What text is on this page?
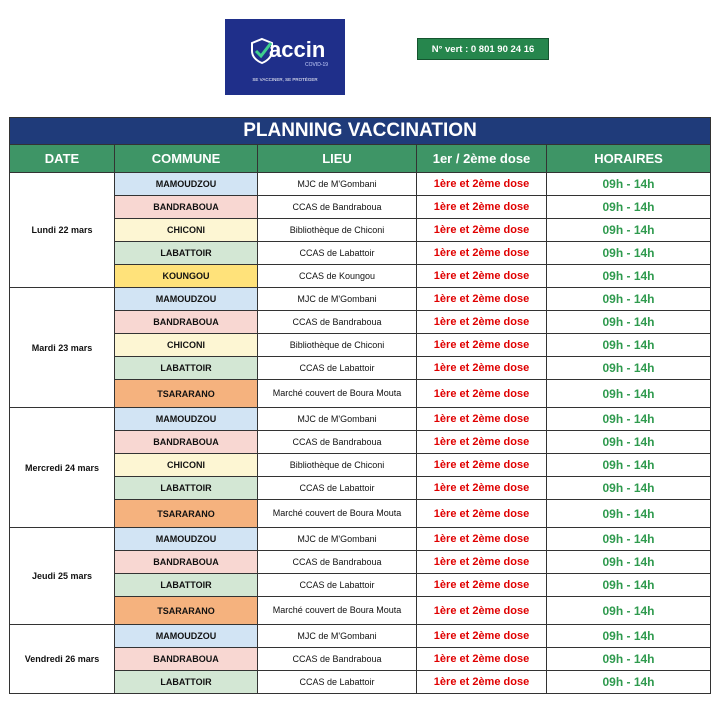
accin
COVID-19
SE VACCINER, SE PROTÉGER
N° vert : 0 801 90 24 16
PLANNING VACCINATION				
DATE	COMMUNE	LIEU	1er / 2ème dose	HORAIRES
Lundi 22 mars	MAMOUDZOU	MJC de M'Gombani	1ère et 2ème dose	09h - 14h
	BANDRABOUA	CCAS de Bandraboua	1ère et 2ème dose	09h - 14h
	CHICONI	Bibliothèque de Chiconi	1ère et 2ème dose	09h - 14h
	LABATTOIR	CCAS de Labattoir	1ère et 2ème dose	09h - 14h
	KOUNGOU	CCAS de Koungou	1ère et 2ème dose	09h - 14h
Mardi 23 mars	MAMOUDZOU	MJC de M'Gombani	1ère et 2ème dose	09h - 14h
	BANDRABOUA	CCAS de Bandraboua	1ère et 2ème dose	09h - 14h
	CHICONI	Bibliothèque de Chiconi	1ère et 2ème dose	09h - 14h
	LABATTOIR	CCAS de Labattoir	1ère et 2ème dose	09h - 14h
	TSARARANO	Marché couvert de Boura Mouta	1ère et 2ème dose	09h - 14h
Mercredi 24 mars	MAMOUDZOU	MJC de M'Gombani	1ère et 2ème dose	09h - 14h
	BANDRABOUA	CCAS de Bandraboua	1ère et 2ème dose	09h - 14h
	CHICONI	Bibliothèque de Chiconi	1ère et 2ème dose	09h - 14h
	LABATTOIR	CCAS de Labattoir	1ère et 2ème dose	09h - 14h
	TSARARANO	Marché couvert de Boura Mouta	1ère et 2ème dose	09h - 14h
Jeudi 25 mars	MAMOUDZOU	MJC de M'Gombani	1ère et 2ème dose	09h - 14h
	BANDRABOUA	CCAS de Bandraboua	1ère et 2ème dose	09h - 14h
	LABATTOIR	CCAS de Labattoir	1ère et 2ème dose	09h - 14h
	TSARARANO	Marché couvert de Boura Mouta	1ère et 2ème dose	09h - 14h
Vendredi 26 mars	MAMOUDZOU	MJC de M'Gombani	1ère et 2ème dose	09h - 14h
	BANDRABOUA	CCAS de Bandraboua	1ère et 2ème dose	09h - 14h
	LABATTOIR	CCAS de Labattoir	1ère et 2ème dose	09h - 14h
